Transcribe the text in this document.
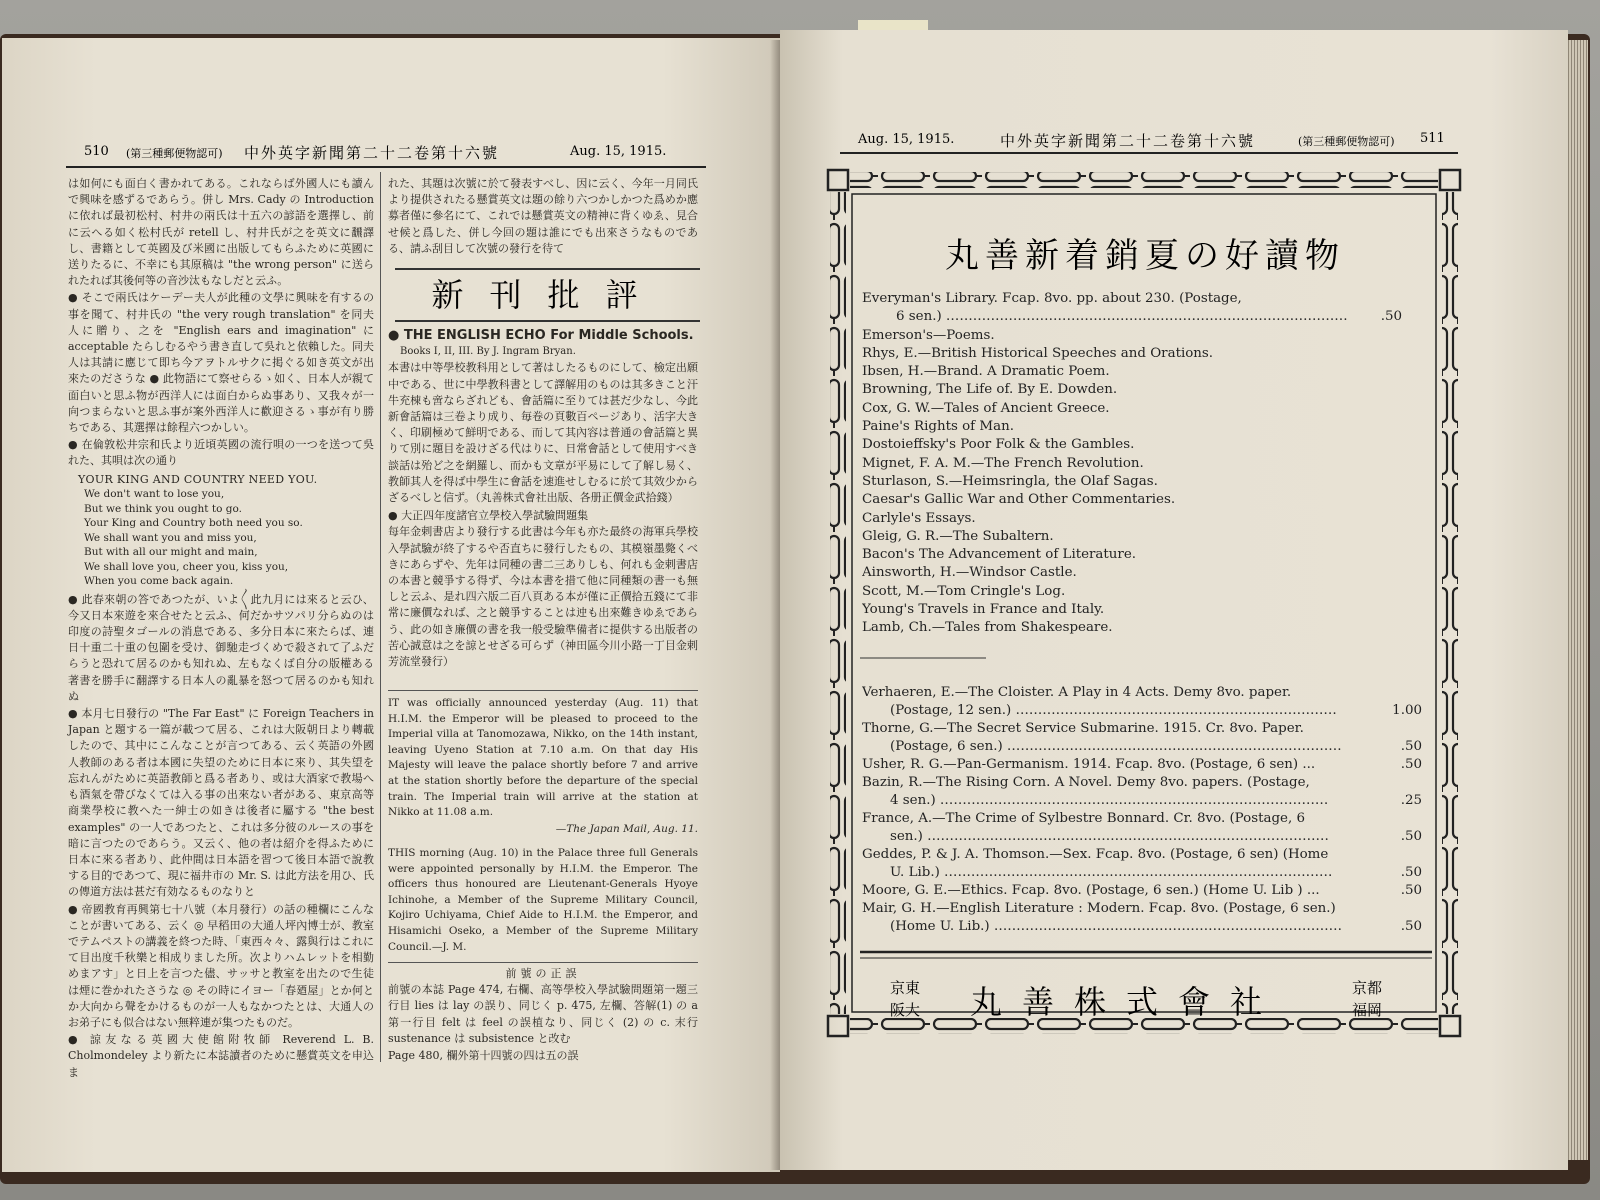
510 (第三種郵便物認可) 中外英字新聞第二十二卷第十六號	Aug. 15, 1915.

は如何にも面白く書かれてある。これならば外國人にも讀んで興味を感ずるであらう。併し Mrs. Cady の Introduction に依れば最初松村、村井の兩氏は十五六の諺語を選擇し、前に云へる如く松村氏が retell し、村井氏が之を英文に飜譯し、書籍として英國及び米國に出版してもらふために英國に送りたるに、不幸にも其原稿は "the wrong person" に送られたれば其後何等の音沙汰もなしだと云ふ。

● そこで兩氏はケーデー夫人が此種の文學に興味を有するの事を聞て、村井氏の "the very rough translation" を同夫人に贈り、之を "English ears and imagination" に acceptable たらしむるやう書き直して吳れと依賴した。同夫人は其請に應じて即ち今アヲトルサクに掲ぐる如き英文が出來たのださうな ● 此物語にて察せらるゝ如く、日本人が親て面白いと思ふ物が西洋人には面白からぬ事あり、又我々が一向つまらないと思ふ事が案外西洋人に歡迎さるゝ事が有り勝ちである、其選擇は餘程六つかしい。

● 在倫敦松井宗和氏より近頃英國の流行唄の一つを送つて吳れた、其唄は次の通り

YOUR KING AND COUNTRY NEED YOU.
We don't want to lose you,
But we think you ought to go.
Your King and Country both need you so.
We shall want you and miss you,
But with all our might and main,
We shall love you, cheer you, kiss you,
When you come back again.

● 此春來朝の答であつたが、いよ〳〵此九月には來ると云ひ、今又日本來遊を來合せたと云ふ、何だかサツパリ分らぬのは印度の詩聖タゴールの消息である、多分日本に來たらば、連日十重二十重の包圍を受け、御馳走づくめで殺されて了ふだらうと恐れて居るのかも知れぬ、左もなくば自分の版權ある著書を勝手に翻譯する日本人の亂暴を怒つて居るのかも知れぬ

● 本月七日發行の "The Far East" に Foreign Teachers in Japan と題する一篇が載つて居る、これは大阪朝日より轉載したので、其中にこんなことが言つてある、云く英語の外國人教師のある者は本國に失望のために日本に來り、其失望を忘れんがために英語教師と爲る者あり、或は大酒家で教場へも酒氣を帶びなくては入る事の出來ない者がある、東京高等商業學校に教へた一紳士の如きは後者に屬する "the best examples" の一人であつたと、これは多分彼のルースの事を暗に言つたのであらう。又云く、他の者は紹介を得ふために日本に來る者あり、此仲間は日本語を習つて後日本語で說教する目的であつて、現に福井市の Mr. S. は此方法を用ひ、氏の傳道方法は甚だ有効なるものなりと

● 帝國教育再興第七十八號（本月發行）の話の種欄にこんなことが書いてある、云く ◎ 早稻田の大通人坪內博士が、教室でテムペストの講義を終つた時、「東西々々、露與行はこれにて目出度千秋樂と相成りました所。次よりハムレットを相勤めまアす」と日上を言つた儘、サッサと教室を出たので生徒は煙に巻かれたさうな ◎ その時にイヨー「春廼屋」とか何とか大向から聲をかけるものが一人もなかつたとは、大通人のお弟子にも似合はない無粹連が集つたものだ。

● 諒友なる英國大使館附牧師 Reverend L. B. Cholmondeley より新たに本誌讀者のために懸賞英文を申込ま

れた、其題は次號に於て發表すべし、因に云く、今年一月同氏より提供されたる懸賞英文は題の餘り六つかしかつた爲めか應募者僅に參名にて、これでは懸賞英文の精神に背くゆゑ、見合せ候と爲した、併し今回の題は誰にでも出來さうなものである、請ふ刮目して次號の發行を待て

新刊批評
● THE ENGLISH ECHO For Middle Schools.
Books I, II, III. By J. Ingram Bryan.

本書は中等學校教科用として著はしたるものにして、檢定出願中である、世に中學教科書として譯解用のものは其多きこと汗牛充棟も啻ならざれども、會話篇に至りては甚だ少なし、今此新會話篇は三卷より成り、毎卷の頁數百ページあり、活字大きく、印刷極めて鮮明である、而して其內容は普通の會話篇と異りて別に題目を設けざる代はりに、日常會話として使用すべき談話は殆ど之を網羅し、而かも文章が平易にして了解し易く、教師其人を得ば中學生に會話を速進せしむるに於て其效少からざるべしと信ず。（丸善株式會社出版、各册正價金武拾錢）

● 大正四年度諸官立學校入學試驗問題集

每年金剌書店より發行する此書は今年も亦た最終の海軍兵學校入學試驗が終了するや否直ちに發行したもの、其模嶺墨斃くべきにあらずや、先年は同種の書二三ありしも、何れも金剌書店の本書と競爭する得ず、今は本書を措て他に同種類の書一も無しと云ふ、是れ四六版二百八頁ある本が僅に正價拾五錢にて非常に廉價なれば、之と競爭することは迚も出來難きゆゑであらう、此の如き廉價の書を我一般受驗準備者に提供する出版者の苦心誠意は之を諒とせざる可らず（神田區今川小路一丁目金剌芳流堂發行）

IT was officially announced yesterday (Aug. 11) that H.I.M. the Emperor will be pleased to proceed to the Imperial villa at Tanomozawa, Nikko, on the 14th instant, leaving Uyeno Station at 7.10 a.m. On that day His Majesty will leave the palace shortly before 7 and arrive at the station shortly before the departure of the special train. The Imperial train will arrive at the station at Nikko at 11.08 a.m.

—The Japan Mail, Aug. 11.

THIS morning (Aug. 10) in the Palace three full Generals were appointed personally by H.I.M. the Emperor. The officers thus honoured are Lieutenant-Generals Hyoye Ichinohe, a Member of the Supreme Military Council, Kojiro Uchiyama, Chief Aide to H.I.M. the Emperor, and Hisamichi Oseko, a Member of the Supreme Military Council.—J. M.

前號の正誤

前號の本誌 Page 474, 右欄、高等學校入學試驗問題第一題三行目 lies は lay の誤り、同じく p. 475, 左欄、答解(1) の a 第一行目 felt は feel の誤植なり、同じく (2) の c. 末行 sustenance は subsistence と改む

Page 480, 欄外第十四號の四は五の誤

Aug. 15, 1915.	中外英字新聞第二十二卷第十六號	(第三種郵便物認可) 511
丸善新着銷夏の好讀物
Everyman's Library. Fcap. 8vo. pp. about 230. (Postage,
6 sen.) ………………………………………………………………………………	.50
Emerson's—Poems.
Rhys, E.—British Historical Speeches and Orations.
Ibsen, H.—Brand. A Dramatic Poem.
Browning, The Life of. By E. Dowden.
Cox, G. W.—Tales of Ancient Greece.
Paine's Rights of Man.
Dostoieffsky's Poor Folk & the Gambles.
Mignet, F. A. M.—The French Revolution.
Sturlason, S.—Heimsringla, the Olaf Sagas.
Caesar's Gallic War and Other Commentaries.
Carlyle's Essays.
Gleig, G. R.—The Subaltern.
Bacon's The Advancement of Literature.
Ainsworth, H.—Windsor Castle.
Scott, M.—Tom Cringle's Log.
Young's Travels in France and Italy.
Lamb, Ch.—Tales from Shakespeare.
Verhaeren, E.—The Cloister. A Play in 4 Acts. Demy 8vo. paper.
(Postage, 12 sen.) ………………………………………………………………	1.00
Thorne, G.—The Secret Service Submarine. 1915. Cr. 8vo. Paper.
(Postage, 6 sen.) …………………………………………………………………	.50
Usher, R. G.—Pan-Germanism. 1914. Fcap. 8vo. (Postage, 6 sen) ...	.50
Bazin, R.—The Rising Corn. A Novel. Demy 8vo. papers. (Postage,
4 sen.) ……………………………………………………………………………	.25
France, A.—The Crime of Sylbestre Bonnard. Cr. 8vo. (Postage, 6
sen.) ………………………………………………………………………………	.50
Geddes, P. & J. A. Thomson.—Sex. Fcap. 8vo. (Postage, 6 sen) (Home
U. Lib.) ……………………………………………………………………………	.50
Moore, G. E.—Ethics. Fcap. 8vo. (Postage, 6 sen.) (Home U. Lib ) ...	.50
Mair, G. H.—English Literature : Modern. Fcap. 8vo. (Postage, 6 sen.)
(Home U. Lib.) ……………………………………………………………………	.50
京東
阪大	丸善株式會社	京都
福岡
